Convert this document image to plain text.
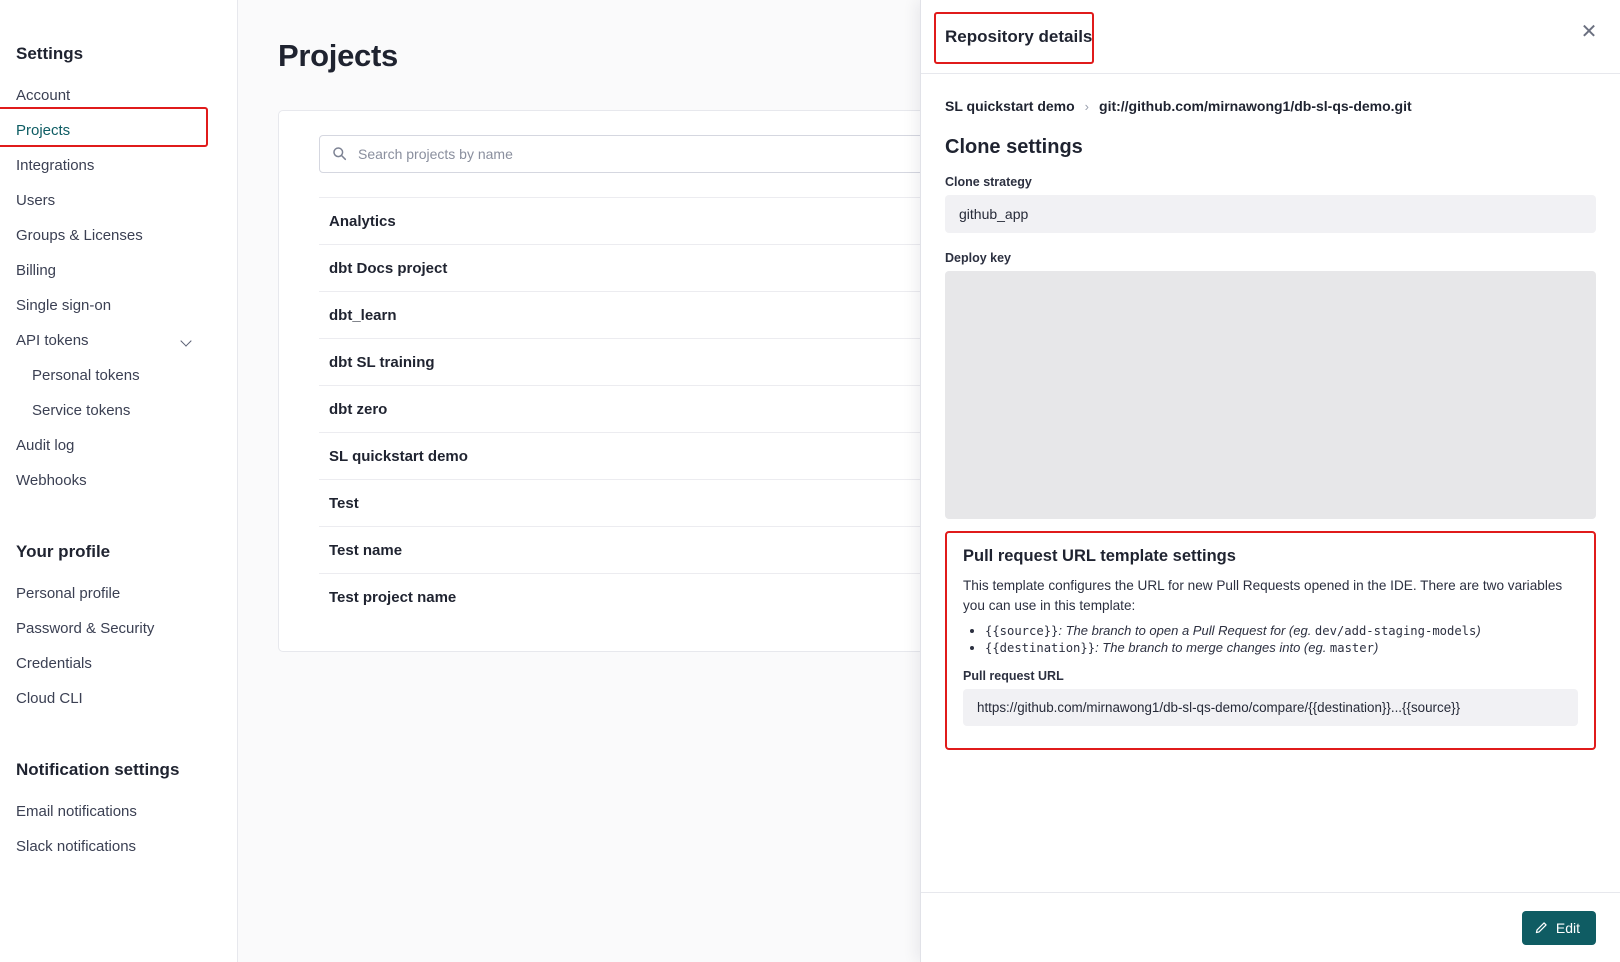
Settings
Account
Projects
Integrations
Users
Groups & Licenses
Billing
Single sign-on
API tokens
Personal tokens
Service tokens
Audit log
Webhooks
Your profile
Personal profile
Password & Security
Credentials
Cloud CLI
Notification settings
Email notifications
Slack notifications
Projects
Search projects by name
Analytics
dbt Docs project
dbt_learn
dbt SL training
dbt zero
SL quickstart demo
Test
Test name
Test project name
Repository details	✕
SL quickstart demo › git://github.com/mirnawong1/db-sl-qs-demo.git
Clone settings
Clone strategy
github_app
Deploy key
Pull request URL template settings

This template configures the URL for new Pull Requests opened in the IDE. There are two variables you can use in this template:

• {{source}}: The branch to open a Pull Request for (eg. dev/add-staging-models)
• {{destination}}: The branch to merge changes into (eg. master)
Pull request URL
https://github.com/mirnawong1/db-sl-qs-demo/compare/{{destination}}...{{source}}
Edit
